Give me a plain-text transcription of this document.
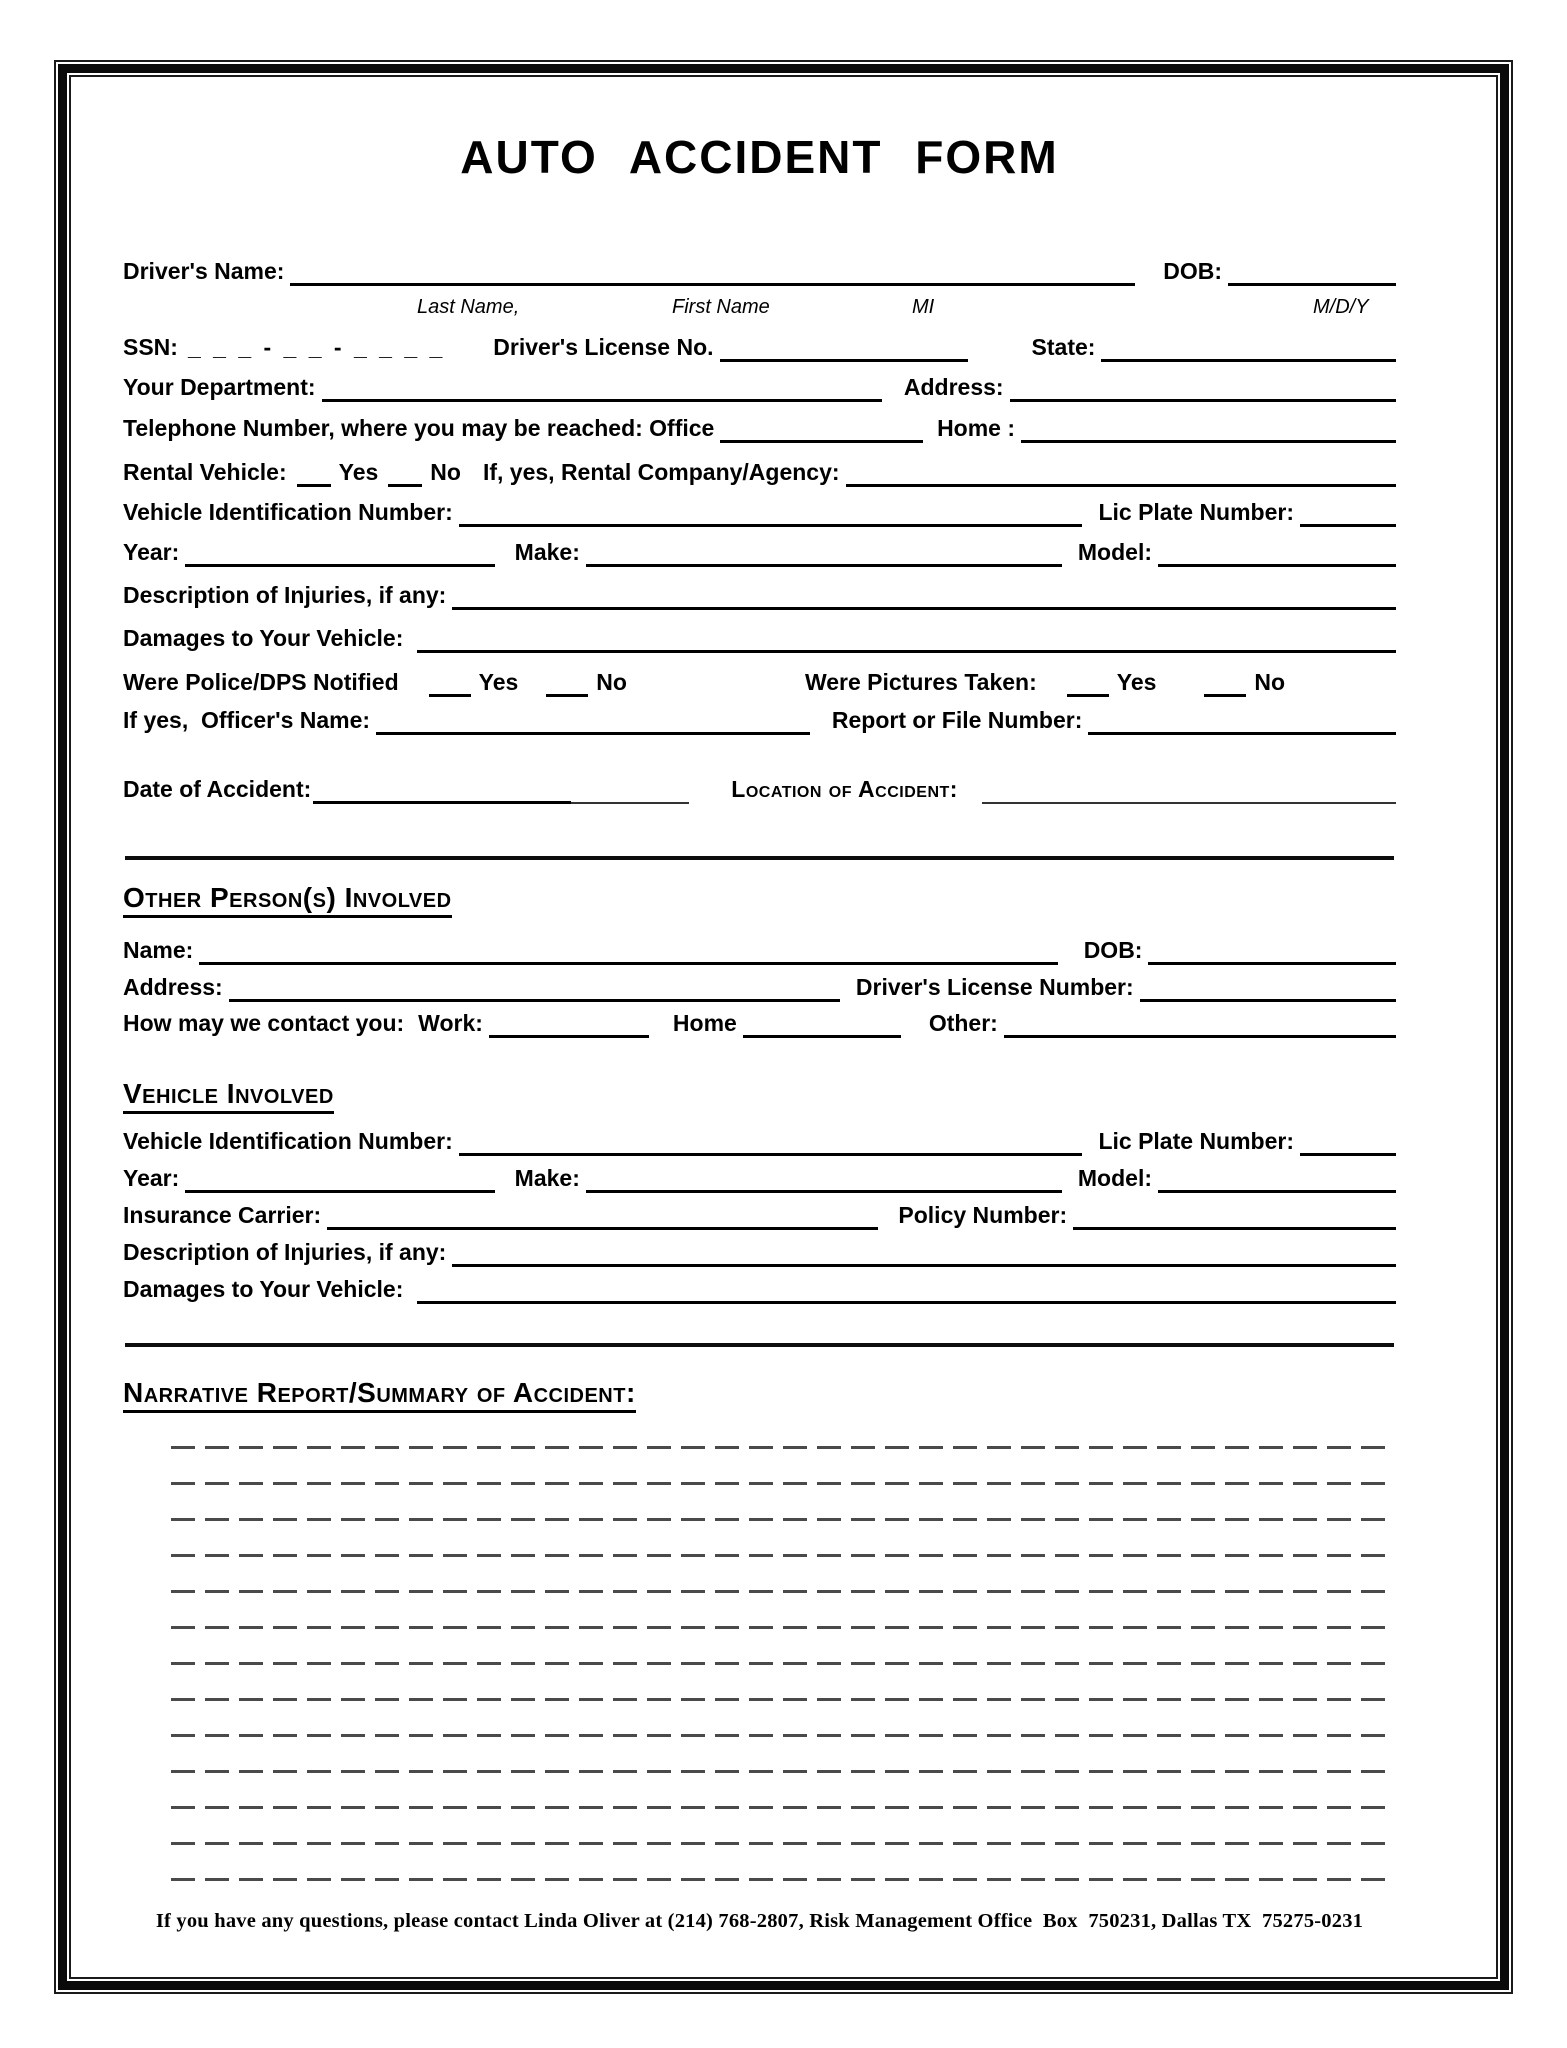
AUTO ACCIDENT FORM
Driver's Name:	DOB:
Last Name,	First Name	MI	M/D/Y
SSN: _ _ _ - _ _ - _ _ _ _ Driver's License No.	State:
Your Department:	Address:
Telephone Number, where you may be reached: Office	Home :
Rental Vehicle: Yes No If, yes, Rental Company/Agency:
Vehicle Identification Number:	Lic Plate Number:
Year:	Make:	Model:
Description of Injuries, if any:
Damages to Your Vehicle:
Were Police/DPS Notified	Yes	No	Were Pictures Taken:	Yes	No
If yes,  Officer's Name:	Report or File Number:
Date of Accident:	Location of Accident:
Other Person(s) Involved
Name:	DOB:
Address:	Driver's License Number:
How may we contact you: Work:	Home	Other:
Vehicle Involved
Vehicle Identification Number:	Lic Plate Number:
Year:	Make:	Model:
Insurance Carrier:	Policy Number:
Description of Injuries, if any:
Damages to Your Vehicle:
Narrative Report/Summary of Accident:
If you have any questions, please contact Linda Oliver at (214) 768-2807, Risk Management Office  Box  750231, Dallas TX  75275-0231
